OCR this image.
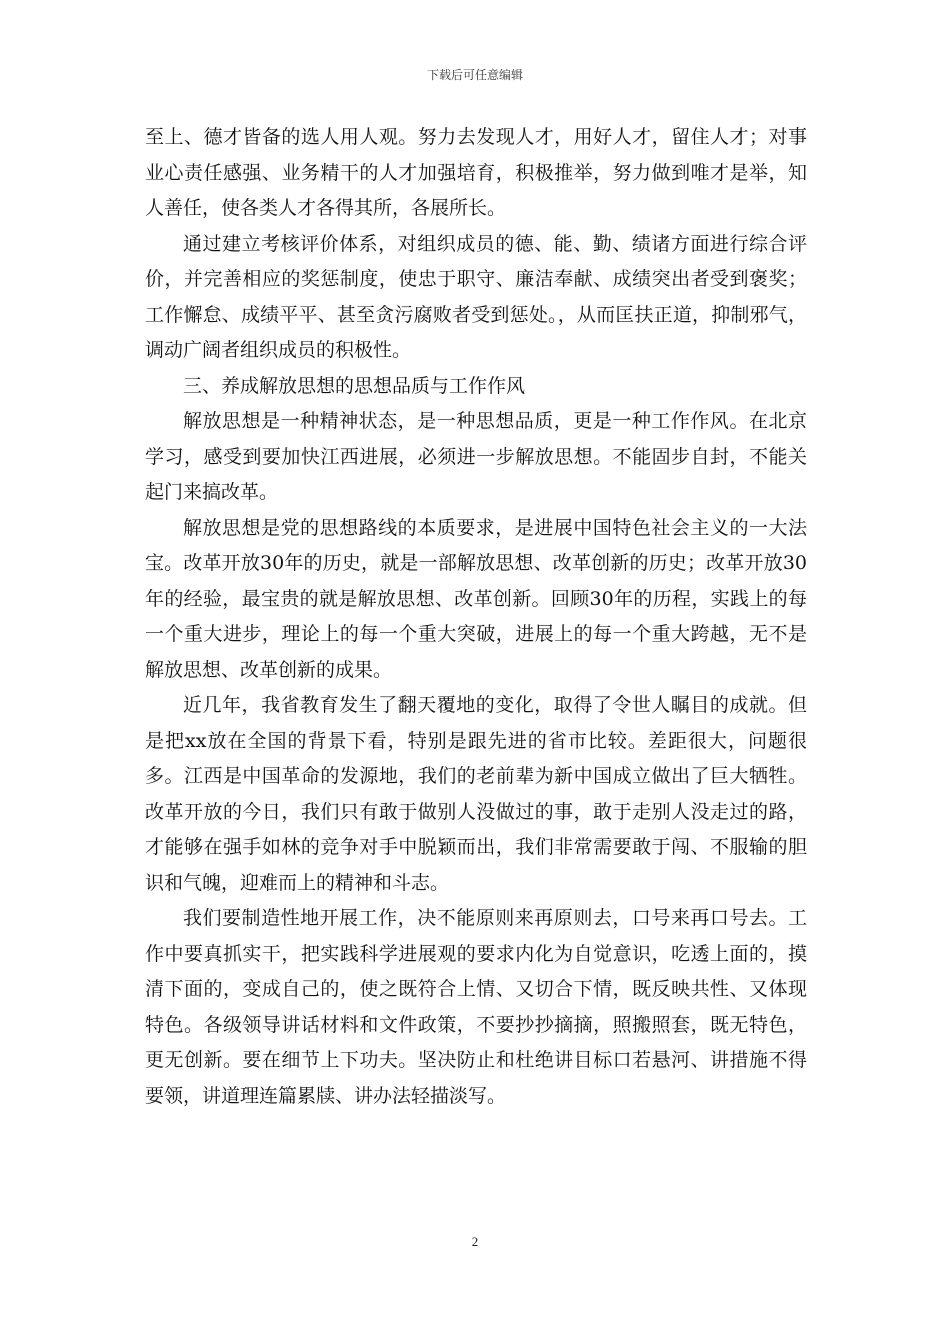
下载后可任意编辑

至上、德才皆备的选人用人观。努力去发现人才，用好人才，留住人才；对事业心责任感强、业务精干的人才加强培育，积极推举，努力做到唯才是举，知人善任，使各类人才各得其所，各展所长。

通过建立考核评价体系，对组织成员的德、能、勤、绩诸方面进行综合评价，并完善相应的奖惩制度，使忠于职守、廉洁奉献、成绩突出者受到褒奖；工作懈怠、成绩平平、甚至贪污腐败者受到惩处。，从而匡扶正道，抑制邪气，调动广阔者组织成员的积极性。

三、养成解放思想的思想品质与工作作风

解放思想是一种精神状态，是一种思想品质，更是一种工作作风。在北京学习，感受到要加快江西进展，必须进一步解放思想。不能固步自封，不能关起门来搞改革。

解放思想是党的思想路线的本质要求，是进展中国特色社会主义的一大法宝。改革开放30年的历史，就是一部解放思想、改革创新的历史；改革开放30年的经验，最宝贵的就是解放思想、改革创新。回顾30年的历程，实践上的每一个重大进步，理论上的每一个重大突破，进展上的每一个重大跨越，无不是解放思想、改革创新的成果。

近几年，我省教育发生了翻天覆地的变化，取得了令世人瞩目的成就。但是把xx放在全国的背景下看，特别是跟先进的省市比较。差距很大，问题很多。江西是中国革命的发源地，我们的老前辈为新中国成立做出了巨大牺牲。改革开放的今日，我们只有敢于做别人没做过的事，敢于走别人没走过的路，才能够在强手如林的竞争对手中脱颖而出，我们非常需要敢于闯、不服输的胆识和气魄，迎难而上的精神和斗志。

我们要制造性地开展工作，决不能原则来再原则去，口号来再口号去。工作中要真抓实干，把实践科学进展观的要求内化为自觉意识，吃透上面的，摸清下面的，变成自己的，使之既符合上情、又切合下情，既反映共性、又体现特色。各级领导讲话材料和文件政策，不要抄抄摘摘，照搬照套，既无特色，更无创新。要在细节上下功夫。坚决防止和杜绝讲目标口若悬河、讲措施不得要领，讲道理连篇累牍、讲办法轻描淡写。

2
